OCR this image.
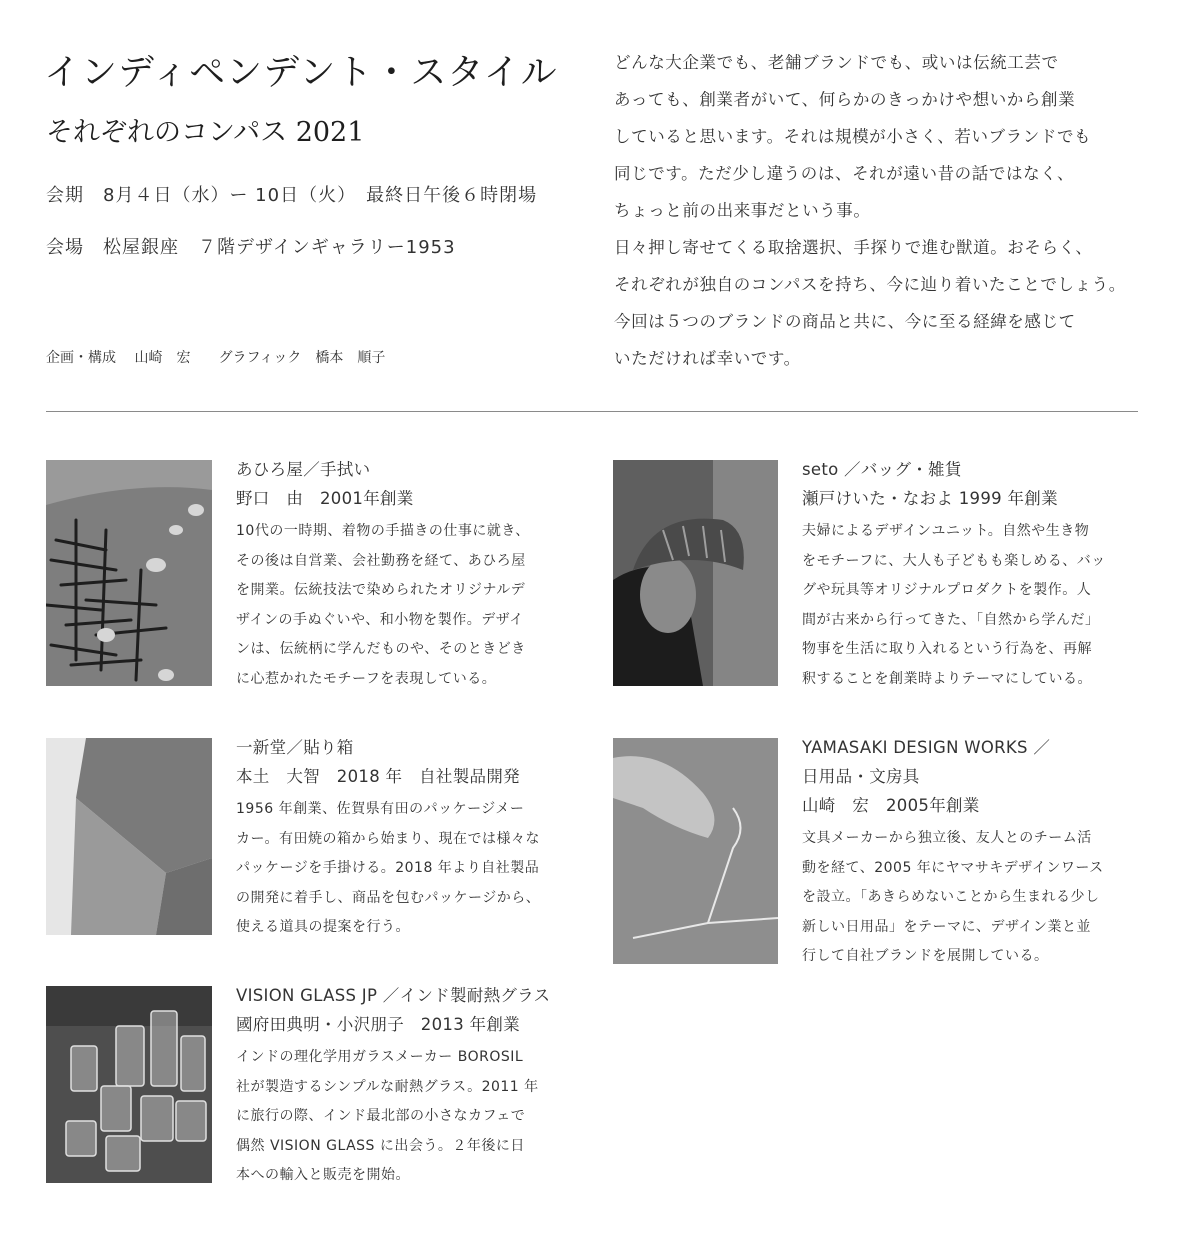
インディペンデント・スタイル
それぞれのコンパス 2021
会期　8月４日（水）ー 10日（火）　最終日午後６時閉場
会場　松屋銀座　７階デザインギャラリー1953
企画・構成　 山崎　宏　　グラフィック　橋本　順子

どんな大企業でも、老舗ブランドでも、或いは伝統工芸で

あっても、創業者がいて、何らかのきっかけや想いから創業

していると思います。それは規模が小さく、若いブランドでも

同じです。ただ少し違うのは、それが遠い昔の話ではなく、

ちょっと前の出来事だという事。

日々押し寄せてくる取捨選択、手探りで進む獣道。おそらく、

それぞれが独自のコンパスを持ち、今に辿り着いたことでしょう。

今回は５つのブランドの商品と共に、今に至る経緯を感じて

いただければ幸いです。

あひろ屋／手拭い
野口　由　2001年創業
10代の一時期、着物の手描きの仕事に就き、
その後は自営業、会社勤務を経て、あひろ屋
を開業。伝統技法で染められたオリジナルデ
ザインの手ぬぐいや、和小物を製作。デザイ
ンは、伝統柄に学んだものや、そのときどき
に心惹かれたモチーフを表現している。
seto ／バッグ・雑貨
瀬戸けいた・なおよ 1999 年創業
夫婦によるデザインユニット。自然や生き物
をモチーフに、大人も子どもも楽しめる、バッ
グや玩具等オリジナルプロダクトを製作。人
間が古来から行ってきた、「自然から学んだ」
物事を生活に取り入れるという行為を、再解
釈することを創業時よりテーマにしている。
一新堂／貼り箱
本土　大智　2018 年　自社製品開発
1956 年創業、佐賀県有田のパッケージメー
カー。有田焼の箱から始まり、現在では様々な
パッケージを手掛ける。2018 年より自社製品
の開発に着手し、商品を包むパッケージから、
使える道具の提案を行う。
YAMASAKI DESIGN WORKS ／
日用品・文房具
山崎　宏　2005年創業
文具メーカーから独立後、友人とのチーム活
動を経て、2005 年にヤマサキデザインワース
を設立。「あきらめないことから生まれる少し
新しい日用品」をテーマに、デザイン業と並
行して自社ブランドを展開している。
VISION GLASS JP ／インド製耐熱グラス
國府田典明・小沢朋子　2013 年創業
インドの理化学用ガラスメーカー BOROSIL
社が製造するシンプルな耐熱グラス。2011 年
に旅行の際、インド最北部の小さなカフェで
偶然 VISION GLASS に出会う。２年後に日
本への輸入と販売を開始。
